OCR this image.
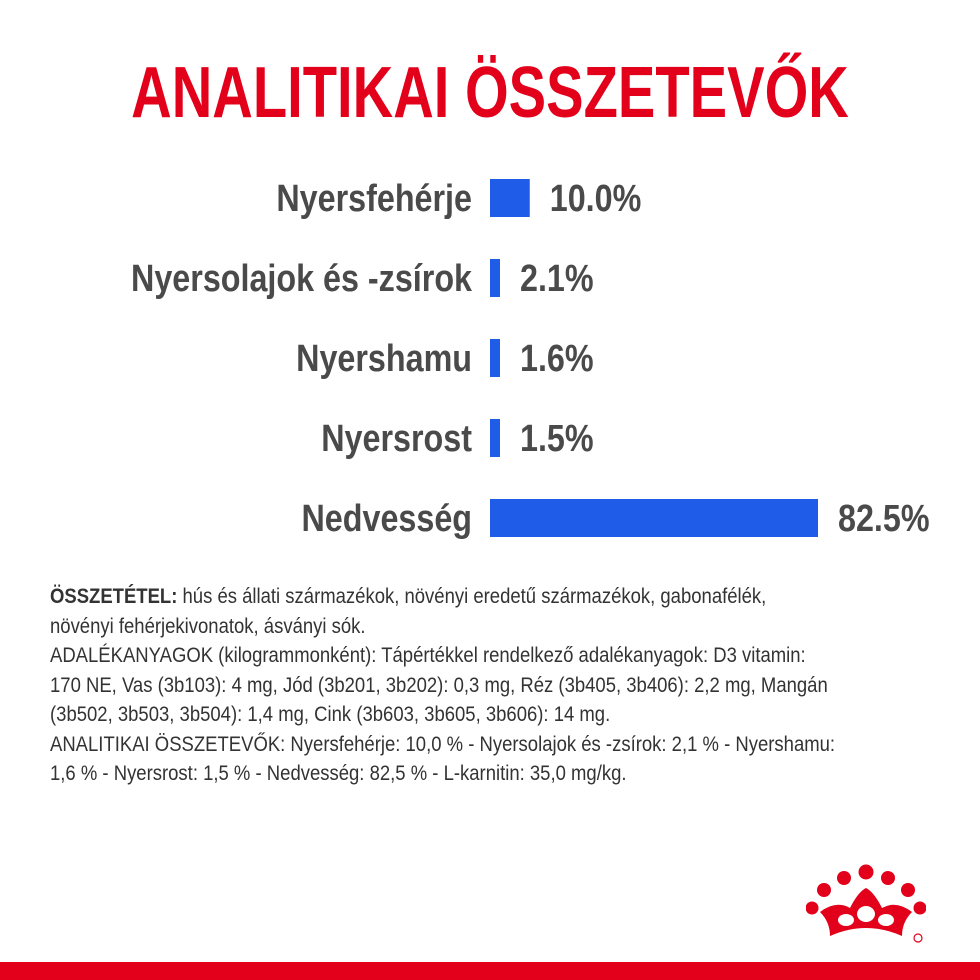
ANALITIKAI ÖSSZETEVŐK
Nyersfehérje 10.0%
Nyersolajok és -zsírok 2.1%
Nyershamu 1.6%
Nyersrost 1.5%
Nedvesség	82.5%

ÖSSZETÉTEL: hús és állati származékok, növényi eredetű származékok, gabonafélék,

növényi fehérjekivonatok, ásványi sók.

ADALÉKANYAGOK (kilogrammonként): Tápértékkel rendelkező adalékanyagok: D3 vitamin:

170 NE, Vas (3b103): 4 mg, Jód (3b201, 3b202): 0,3 mg, Réz (3b405, 3b406): 2,2 mg, Mangán

(3b502, 3b503, 3b504): 1,4 mg, Cink (3b603, 3b605, 3b606): 14 mg.

ANALITIKAI ÖSSZETEVŐK: Nyersfehérje: 10,0 % - Nyersolajok és -zsírok: 2,1 % - Nyershamu:

1,6 % - Nyersrost: 1,5 % - Nedvesség: 82,5 % - L-karnitin: 35,0 mg/kg.
